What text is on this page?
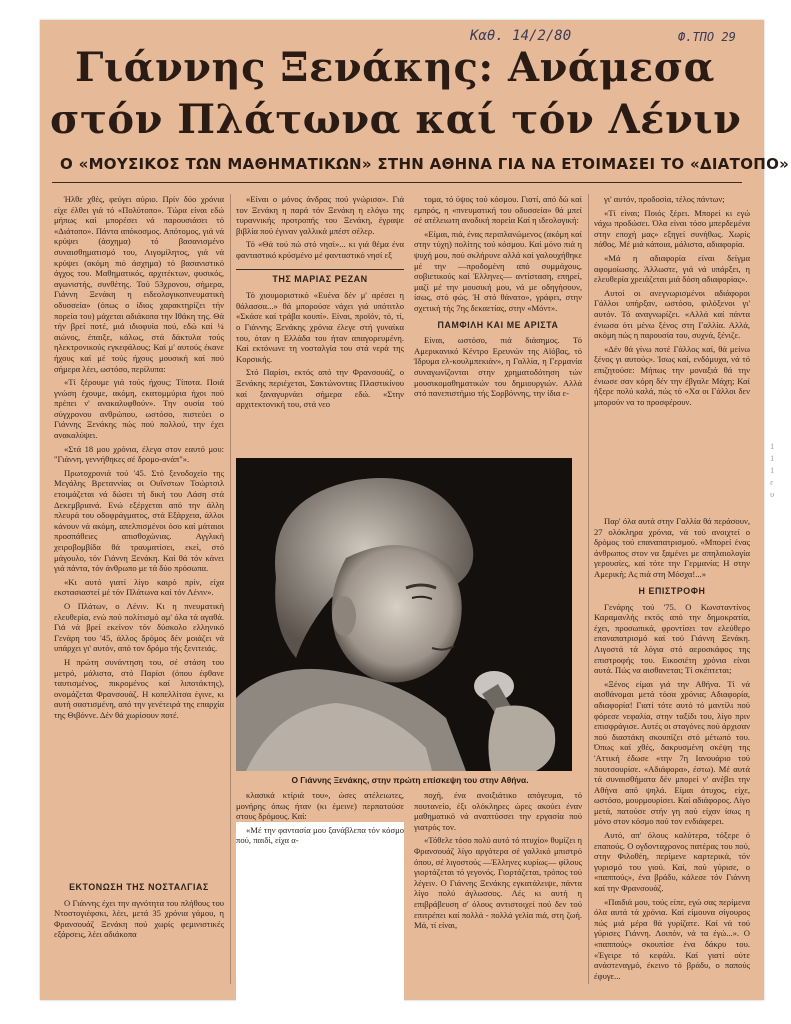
Καθ. 14/2/80	Ф.ΤΠΟ 29
Γιάννης Ξενάκης: Ανάμεσα
στόν Πλάτωνα καί τόν Λένιν
Ο «ΜΟΥΣΙΚΟΣ ΤΩΝ ΜΑΘΗΜΑΤΙΚΩΝ» ΣΤΗΝ ΑΘΗΝΑ ΓΙΑ ΝΑ ΕΤΟΙΜΑΣΕΙ ΤΟ «ΔΙΑΤΟΠΟ»
1
1
1
ε
υ

Ήλθε χθές, φεύγει αύριο. Πρίν δύο χρόνια είχε έλθει γιά τό «Πολύτοπο». Τώρα είναι εδώ μήπως καί μπορέσει νά παρουσιάσει τό «Διάτοπο». Πάντα απόκοσμος. Απότομος, γιά νά κρύψει (άσχημα) τό βασανισμένο συναισθηματισμό του, Λιγομίλητος, γιά νά κρύψει (ακόμη πιό άσχημα) τό βασανιστικό άγχος του. Μαθηματικός, αρχιτέκτων, φυσικός, αγωνιστής, συνθέτης. Τού 53χρονου, σήμερα, Γιάννη Ξενάκη η ειδεολογικοπνευματική οδυσσεία» (όπως ο ίδιος χαρακτηρίζει τήν πορεία του) μάχεται αδιάκοπα την Ιθάκη της. Θά τήν βρεί ποτέ, μιά ιδιοφυία πού, εδώ καί ¼ αιώνος, έπαιξε, κάλως, στά δάκτυλα τούς ηλεκτρονικούς εγκεφάλους; Καί μ' αυτούς έκανε ήχους καί μέ τούς ήχους μουσική καί πού σήμερα λέει, ωστόσο, περίλυπα:

«Τί ξέρουμε γιά τούς ήχους; Τίποτα. Ποιά γνώση έχουμε, ακόμη, εκατομμύρια ήχοι πού πρέπει ν' ανακαλυφθούν». Την ουσία τού σύγχρονου ανθρώπου, ωστόσο, πιστεύει ο Γιάννης Ξενάκης πώς πού πολλού, την έχει ανακαλύψει.

«Στά 18 μου χρόνια, έλεγα στον εαυτό μου: "Γιάννη, γεννήθηκες σέ δρομο-ανάπ"».

Πρωτοχρονιά τού '45. Στό ξενοδοχείο της Μεγάλης Βρεταννίας οι Ουΐνστων Τσώρτσιλ ετοιμάζεται νά δώσει τή δική του Λάση στά Δεκεμβριανά. Ενώ εξέρχεται από την άλλη πλευρά του οδοφράγματος, στά Εξάρχεια, άλλοι κάνουν νά ακόμη, απελπισμένοι όσο καί μάταιοι προσπάθειες απισθοχώνιας. Αγγλική χειροβομβίδα θά τραυματίσει, εκεί, στό μάγουλο, τόν Γιάννη Ξενάκη. Καί θά τόν κάνει γιά πάντα, τόν άνθρωπο με τά δύο πρόσωπα.

«Κι αυτό γιατί λίγο καιρό πρίν, είχα εκστασιαστεί μέ τόν Πλάτωνα καί τόν Λένιν».

Ο Πλάτων, ο Λένιν. Κι η πνευματική ελευθερία, ενώ πού πολίτισμό αμ' όλα τά αγαθά. Γιά νά βρεί εκείνον τόν δύσκολο ελληνικό Γενάρη του '45, άλλος δρόμος δέν μοιάζει νά υπάρχει γι' αυτόν, από τον δρόμο τής ξενιτειάς.

Η πρώτη συνάντηση του, σέ στάση του μετρό, μάλιστα, στό Παρίσι (όπου έφθανε ταυτισμένος, πικρομένος καί λιποτάκτης), ονομάζεται Φρανσουάζ. Η κοπελλίτσα έγινε, κι αυτή σαστισμένη, από την γενέτειρά της επαρχία της Θιβόννε. Δέν θά χωρίσουν ποτέ.

ΕΚΤΟΝΩΣΗ ΤΗΣ ΝΟΣΤΑΛΓΙΑΣ

Ο Γιάννης έχει την αγνότητα του πλήθους του Ντοστογιέφσκι, λέει, μετά 35 χρόνια γάμου, η Φρανσουάζ Ξενάκη πού χωρίς φεμινιστικές εξάρσεις, λέει αδιάκοπα

«Είναι ο μόνος άνδρας πού γνώρισα». Γιά τον Ξενάκη η παρά τόν Ξενάκη η ελόγω της τυραννικής προτροπής του Ξενάκη, έγραψε βιβλία πού έγιναν γαλλικά μπέστ σέλερ.

Τό «Θά τού πώ στό νησί»... κι γιά θέμα ένα φανταστικό κρύσμένο μέ φανταστικό νησί εξ

ΤΗΣ ΜΑΡΙΑΣ ΡΕΖΑΝ

Τό χιουμοριστικό «Ευένα δέν μ' αρέσει η θάλασσα...» θά μπορούσε νάχει γιά υπότιτλο «Σκάσε καί τράβα κουπί». Είναι, προϊόν, τό, τί, ο Γιάννης Ξενάκης χρόνια έλεγε στή γυναίκα του, όταν η Ελλάδα του ήταν απαγορευμένη. Καί εκτόνωνε τη νοσταλγία του στά νερά της Κορσικής.

Στό Παρίσι, εκτός από την Φρανσουάζ, ο Ξενάκης περιέχεται, Σακτώνοντας Πλαστικίνου καί ξαναγυρνάει σήμερα εδώ. «Στην αρχιτεκτονική του, στά νεο

τομα, τό ύψος τού κόσμου. Γιατί, από δώ καί εμπρός, η «πνευματική του οδυσσεία» θά μπεί σέ ατέλειωτη ανοδική πορεία Καί η ιδεολογική:

«Είμαι, πιά, ένας περιπλανώμενος (ακόμη καί στην τύχη) πολίτης τού κόσμου. Καί μόνο πιά η ψυχή μου, πού σκλήρυνε αλλά καί γαλουχήθηκε μέ την —προδομένη από συμμάχους, σοβιετικούς καί Έλληνες— αντίσταση, επηρεί, μαζί μέ την μουσική μου, νά με οδηγήσουν, ίσως, στό φώς. Ή στό θάνατο», γράφει, στην σχετική τής 7ης δεκαετίας, στην «Μόντ».

ΠΑΜΦΙΛΗ ΚΑΙ ΜΕ ΑΡΙΣΤΑ

Είναι, ωστόσο, πιά διάσημος. Τό Αμερικανικό Κέντρο Ερευνών της Αϊόβας, τό Ίδρυμα ελ-κουλμπεκιάν», η Γαλλία, η Γερμανία συναγωνίζονται στην χρηματοδότηση τών μουσικομαθηματικών του δημιουργιών. Αλλά στό πανεπιστήμιο τής Σορβόννης, την ίδια ε-

Ο Γιάννης Ξενάκης, στην πρώτη επίσκεψη του στην Αθήνα.

κλασικά κτίριά του», ώσες ατέλειωτες, μονήρης όπως ήταν (κι έμεινε) περπατούσε στους δρόμους. Καί:

«Μέ την φαντασία μου ξανάβλεπα τόν κόσμο πού, παιδί, είχα α-

ποχή, ένα ανοιξιάτικο απόγευμα, τό πουτανείο, έξι ολόκληρες ώρες ακούει έναν μαθηματικό νά αναπτύσσει την εργασία πού γιατρός τον.

«Τόθελε τόσο πολύ αυτό τό πτυχίο» θυμίζει η Φρανσουάζ λίγο αργότερα σέ γαλλικό μπιστρό όπου, σέ λιγοστούς —Έλληνες κυρίως— φίλους γιορτάζεται τό γεγονός. Γιορτάζεται, τρόπος τού λέγειν. Ο Γιάννης Ξενάκης εγκατάλειψε, πάντα λίγο πολύ άγλωσσος. Λές κι αυτή η επιβράβευση σ' όλους αντιστοιχεί πού δεν τού επιτρέπει καί πολλά - πολλά γελία πιά, στη ζωή. Μά, τί είναι,

γι' αυτόν, προδοσία, τέλος πάντων;

«Τί είναι; Ποιός ξέρει. Μπορεί κι εγώ νάχω προδώσει. Όλα είναι τόσο μπερδεμένα στην εποχή μας» εξηγεί συνήθως. Χωρίς πάθος. Μέ μιά κάποια, μάλιστα, αδιαφορία.

«Μά η αδιαφορία είναι δείγμα αφομοίωσης. Άλλωστε, γιά νά υπάρξει, η ελευθερία χρειάζεται μιά δόση αδιαφορίας».

Αυτοί οι ανεγνωρισμένοι αδιάφοροι Γάλλοι υπήρξαν, ωστόσο, φιλόξενοι γι' αυτόν. Τό αναγνωρίζει. «Αλλά καί πάντα ένιωσα ότι μένω ξένος στη Γαλλία. Αλλά, ακόμη πώς η παρουσία του, συχνά, ξένιζε.

«Δέν θά γίνω ποτέ Γάλλος καί, θά μείνω ξένος γι αυτούς». Ίσως καί, ενδόμυχα, νά τό επιζητούσε: Μήπως την μοναξιά θά την ένιωσε σαν κόρη δέν την έβγαλε Μάχη; Καί ήξερε πολύ καλά, πώς τό «Χα οι Γάλλοι δεν μπορούν να το προσφέρουν.

Παρ' όλα αυτά στην Γαλλία θά περάσουν, 27 ολόκληρα χρόνια, νά τού ανοιχτεί ο δρόμος τού επαναπατρισμού. «Μπορεί ένας άνθρωπος στον να ξαμένει με σπηλαιολογία γερουσίες, καί τότε την Γερμανία; Η στην Αμερική; Ας πιά στη Μόσχα!...»

Η ΕΠΙΣΤΡΟΦΗ

Γενάρης τού '75. Ο Κωνσταντίνος Καραμανλής εκτός από την δημοκρατία, έχει, προσωπικά, φροντίσει τον ελεύθερο επαναπατρισμό καί τού Γιάννη Ξενάκη. Λιγοστά τά λόγια στό αεροσκάφος της επιστροφής του. Εικοσιέτη χρόνια είναι αυτά. Πώς να αισθανεται; Τί σκέπτεται;

«Ξένος είμαι γιά την Αθήνα. Τί νά αισθάνομαι μετά τόσα χρόνια; Αδιαφορία, αδιαφορία! Γιατί τότε αυτό τό μαντίλι πού φόρεσε νεφαλία, στην ταξίδι του, λίγο πριν επισφράγισε. Αυτές οι σταγόνες πού άρχισαν πού διαστάκη σκουπίζει στό μέτωπό του. Όπως καί χθές, δακρυσμένη σκέψη της 'Αττική έδωσε «την 7η Ιανουάριο τού πουτσουρίσε. «Αδιάφορα», έστω). Μέ αυτά τά συναισθήματα δέν μπορεί ν' ανέβει την Αθήνα από ψηλά. Είμαι άτυχος, είχε, ωστόσο, μουρμουρίσει. Καί αδιάφορος. Λίγο μετά, πατούσε στήν γη πού είχαν ίσως η μόνο στον κόσμο πού τον ενδιάφερει.

Αυτό, απ' όλους καλύτερα, τόξερε ό επαπούς. Ο ογδονταχρονος πατέρας του πού, στην Φιλοθέη, περίμενε καρτερικά, τόν γυρισμό του γιού. Καί, πού γύρισε, ο «παππούς», ένα βράδυ, κάλεσε τόν Γιάννη καί την Φρανσουάζ.

«Παιδιά μου, τούς είπε, εγώ σας περίμενα όλα αυτά τά χρόνια. Καί είμουνα σίγουρος πώς μιά μέρα θά γυρίζατε. Καί νά τού γύρισες Γιάννη. Λοιπόν, νά τα έγώ...». Ο «παππούς» σκουπίσε ένα δάκρυ του. «Έγειρε τό κεφάλι. Καί γιατί ούτε ανάστεναγμό, έκεινο τό βράδυ, ο παπούς έφυγε...
